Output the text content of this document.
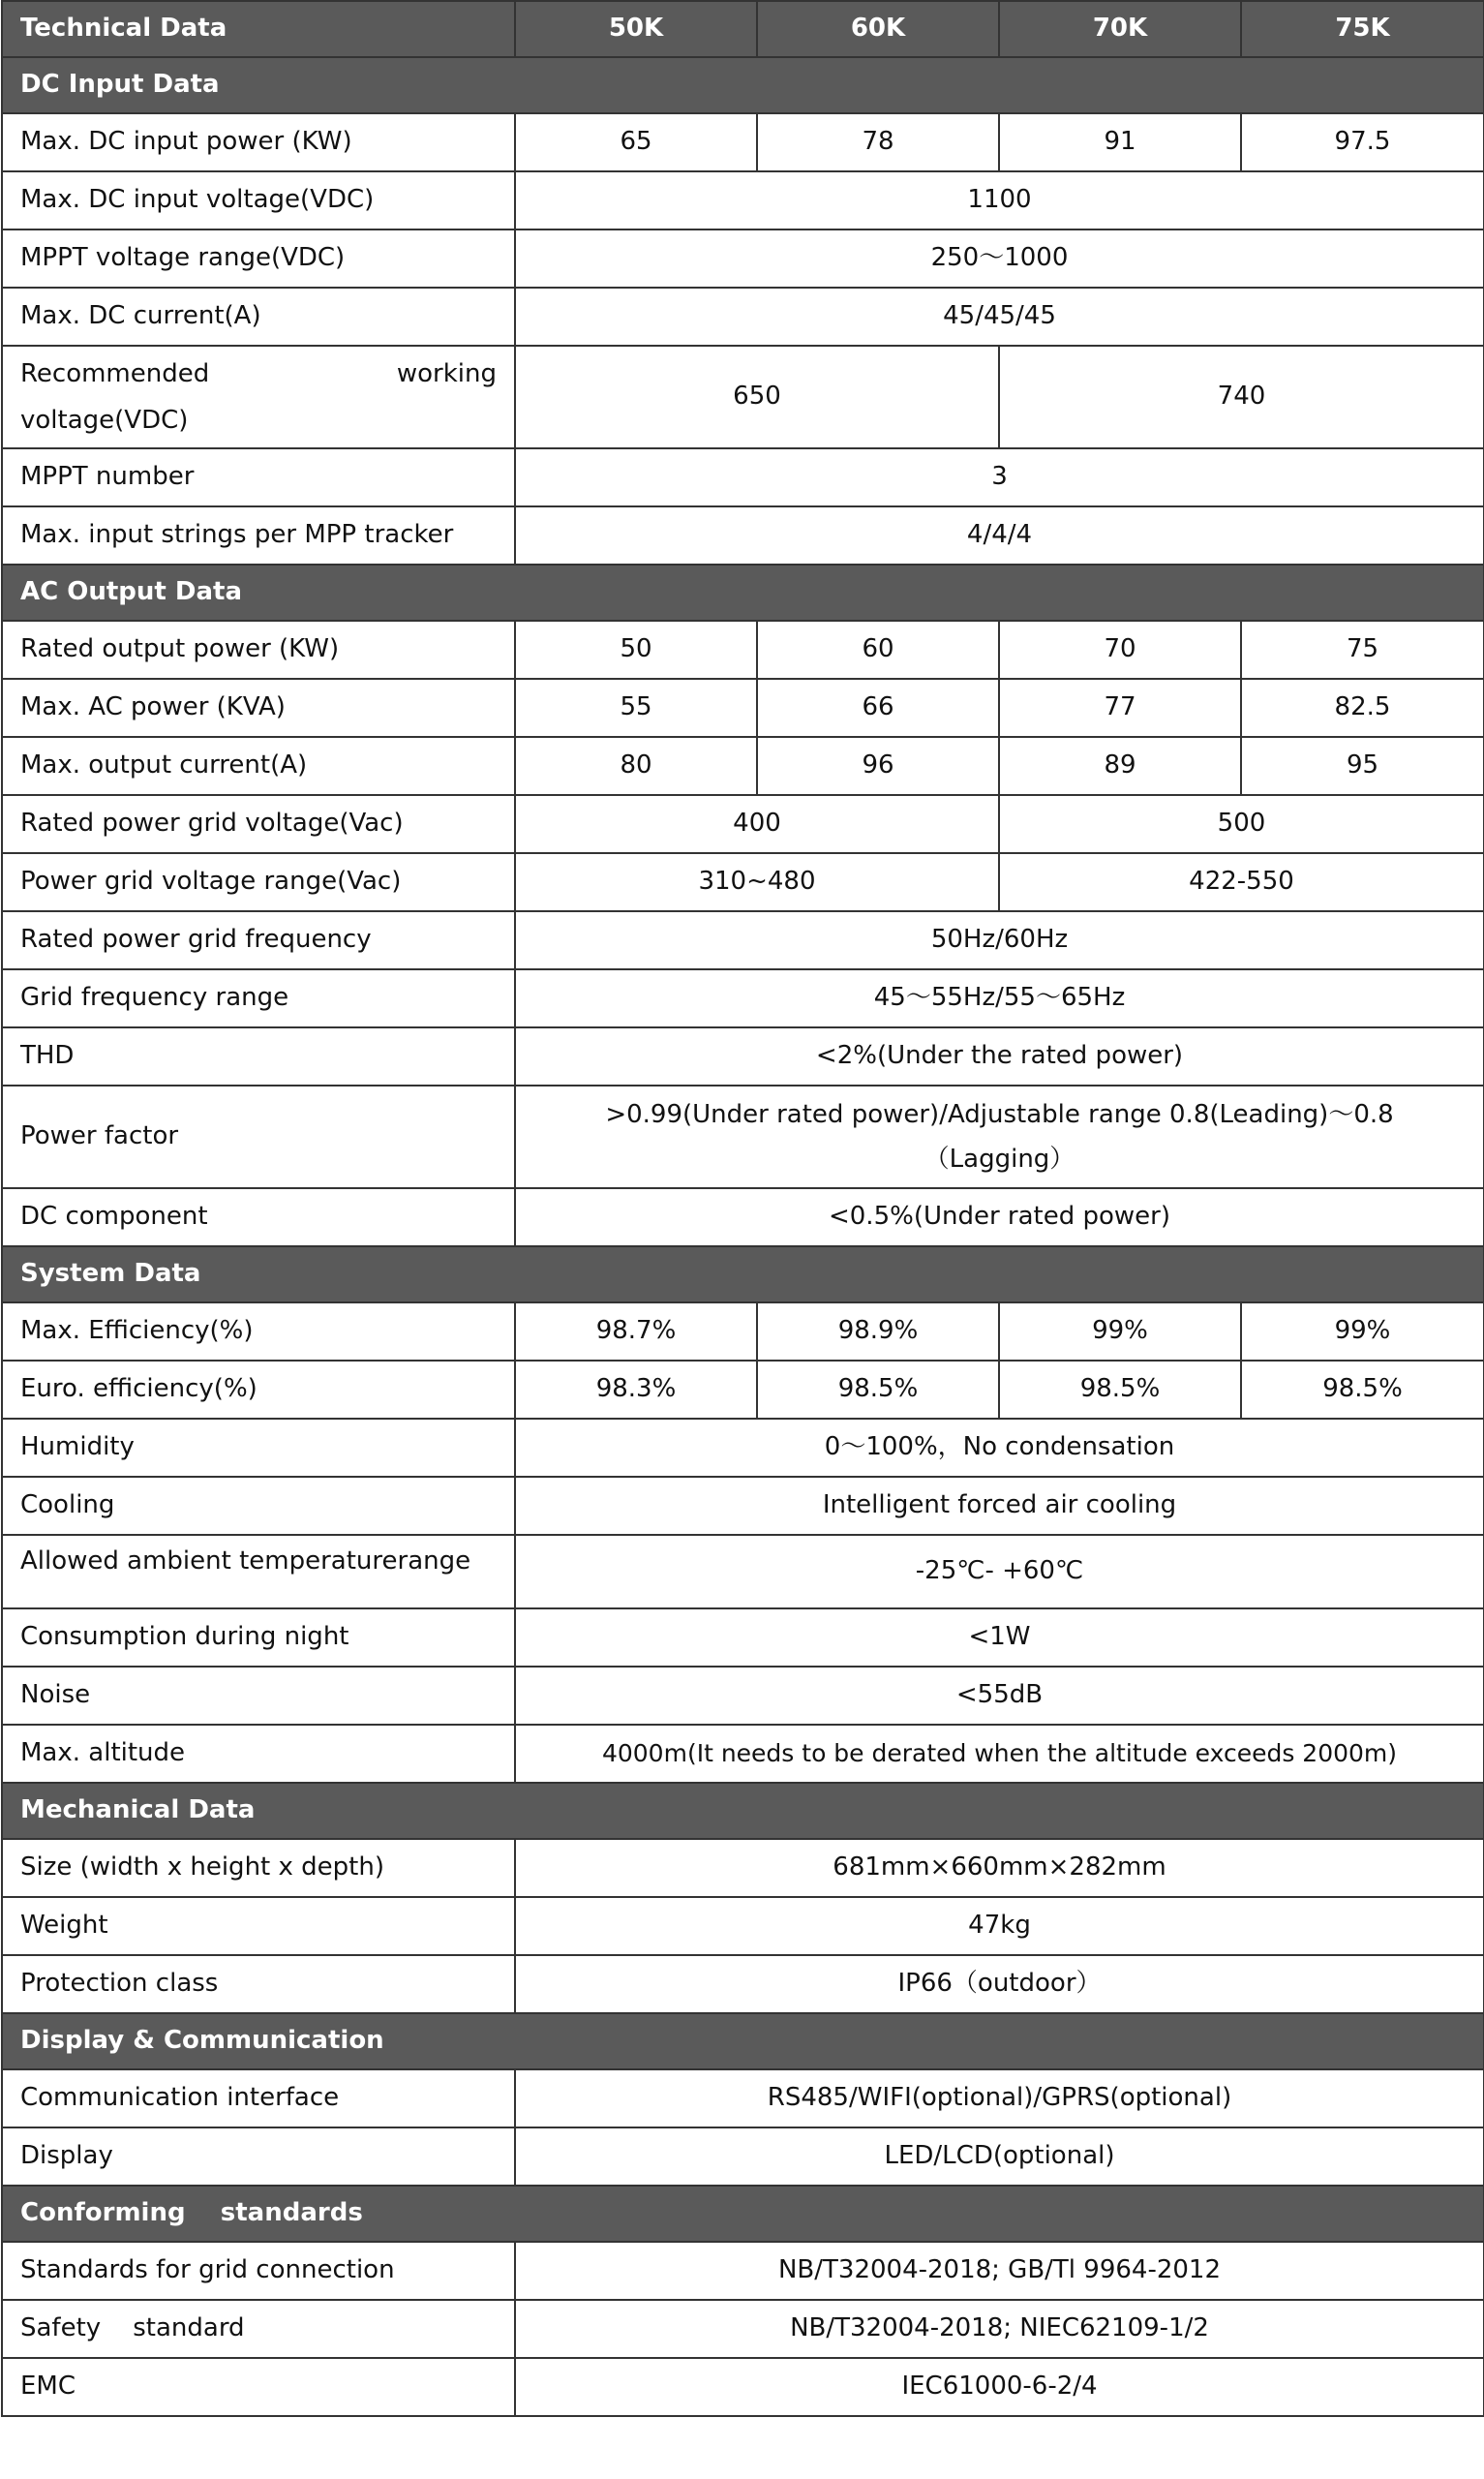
Technical Data	50K	60K	70K	75K
DC Input Data				
Max. DC input power (KW)	65	78	91	97.5
Max. DC input voltage(VDC)	1100			
MPPT voltage range(VDC)	250～1000			
Max. DC current(A)	45/45/45			

Recommended working
voltage(VDC)	650		740	
MPPT number	3			
Max. input strings per MPP tracker	4/4/4			
AC Output Data				
Rated output power (KW)	50	60	70	75
Max. AC power (KVA)	55	66	77	82.5
Max. output current(A)	80	96	89	95
Rated power grid voltage(Vac)	400		500	
Power grid voltage range(Vac)	310~480		422-550	
Rated power grid frequency	50Hz/60Hz			
Grid frequency range	45～55Hz/55～65Hz			
THD	<2%(Under the rated power)			
Power factor	>0.99(Under rated power)/Adjustable range 0.8(Leading)～0.8
（Lagging）			

DC component	<0.5%(Under rated power)			
System Data				
Max. Efficiency(%)	98.7%	98.9%	99%	99%
Euro. efficiency(%)	98.3%	98.5%	98.5%	98.5%
Humidity	0～100%，No condensation			
Cooling	Intelligent forced air cooling			
Allowed ambient temperaturerange	-25℃- +60℃			
Consumption during night	<1W			
Noise	<55dB			
Max. altitude	4000m(It needs to be derated when the altitude exceeds 2000m)			
Mechanical Data				
Size (width x height x depth)	681mm×660mm×282mm			
Weight	47kg			
Protection class	IP66（outdoor）			
Display & Communication				
Communication interface	RS485/WIFI(optional)/GPRS(optional)			
Display	LED/LCD(optional)			
Conforming    standards				
Standards for grid connection	NB/T32004-2018; GB/Tl 9964-2012			
Safety    standard	NB/T32004-2018; NIEC62109-1/2			
EMC	IEC61000-6-2/4			
